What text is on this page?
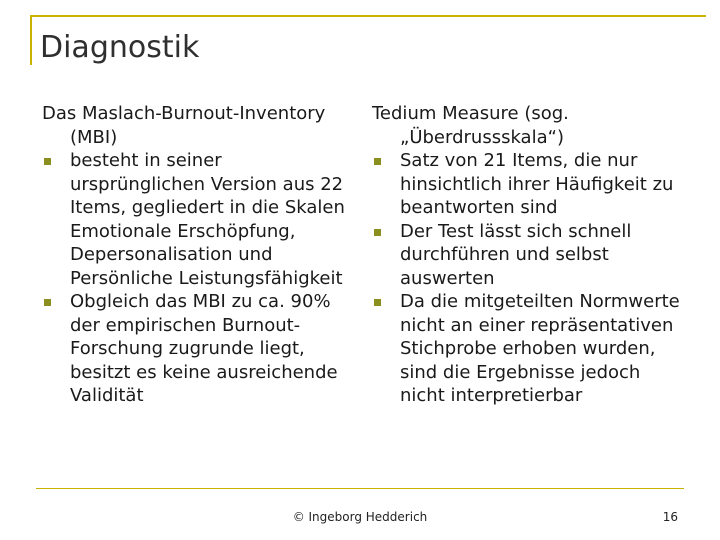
Diagnostik

Das Maslach-Burnout-Inventory (MBI)

besteht in seiner ursprünglichen Version aus 22 Items, gegliedert in die Skalen Emotionale Erschöpfung, Depersonalisation und Persönliche Leistungsfähigkeit
Obgleich das MBI zu ca. 90% der empirischen Burnout-Forschung zugrunde liegt, besitzt es keine ausreichende Validität

Tedium Measure (sog. „Überdrussskala“)

Satz von 21 Items, die nur hinsichtlich ihrer Häufigkeit zu beantworten sind
Der Test lässt sich schnell durchführen und selbst auswerten
Da die mitgeteilten Normwerte nicht an einer repräsentativen Stichprobe erhoben wurden, sind die Ergebnisse jedoch nicht interpretierbar
© Ingeborg Hedderich	16
